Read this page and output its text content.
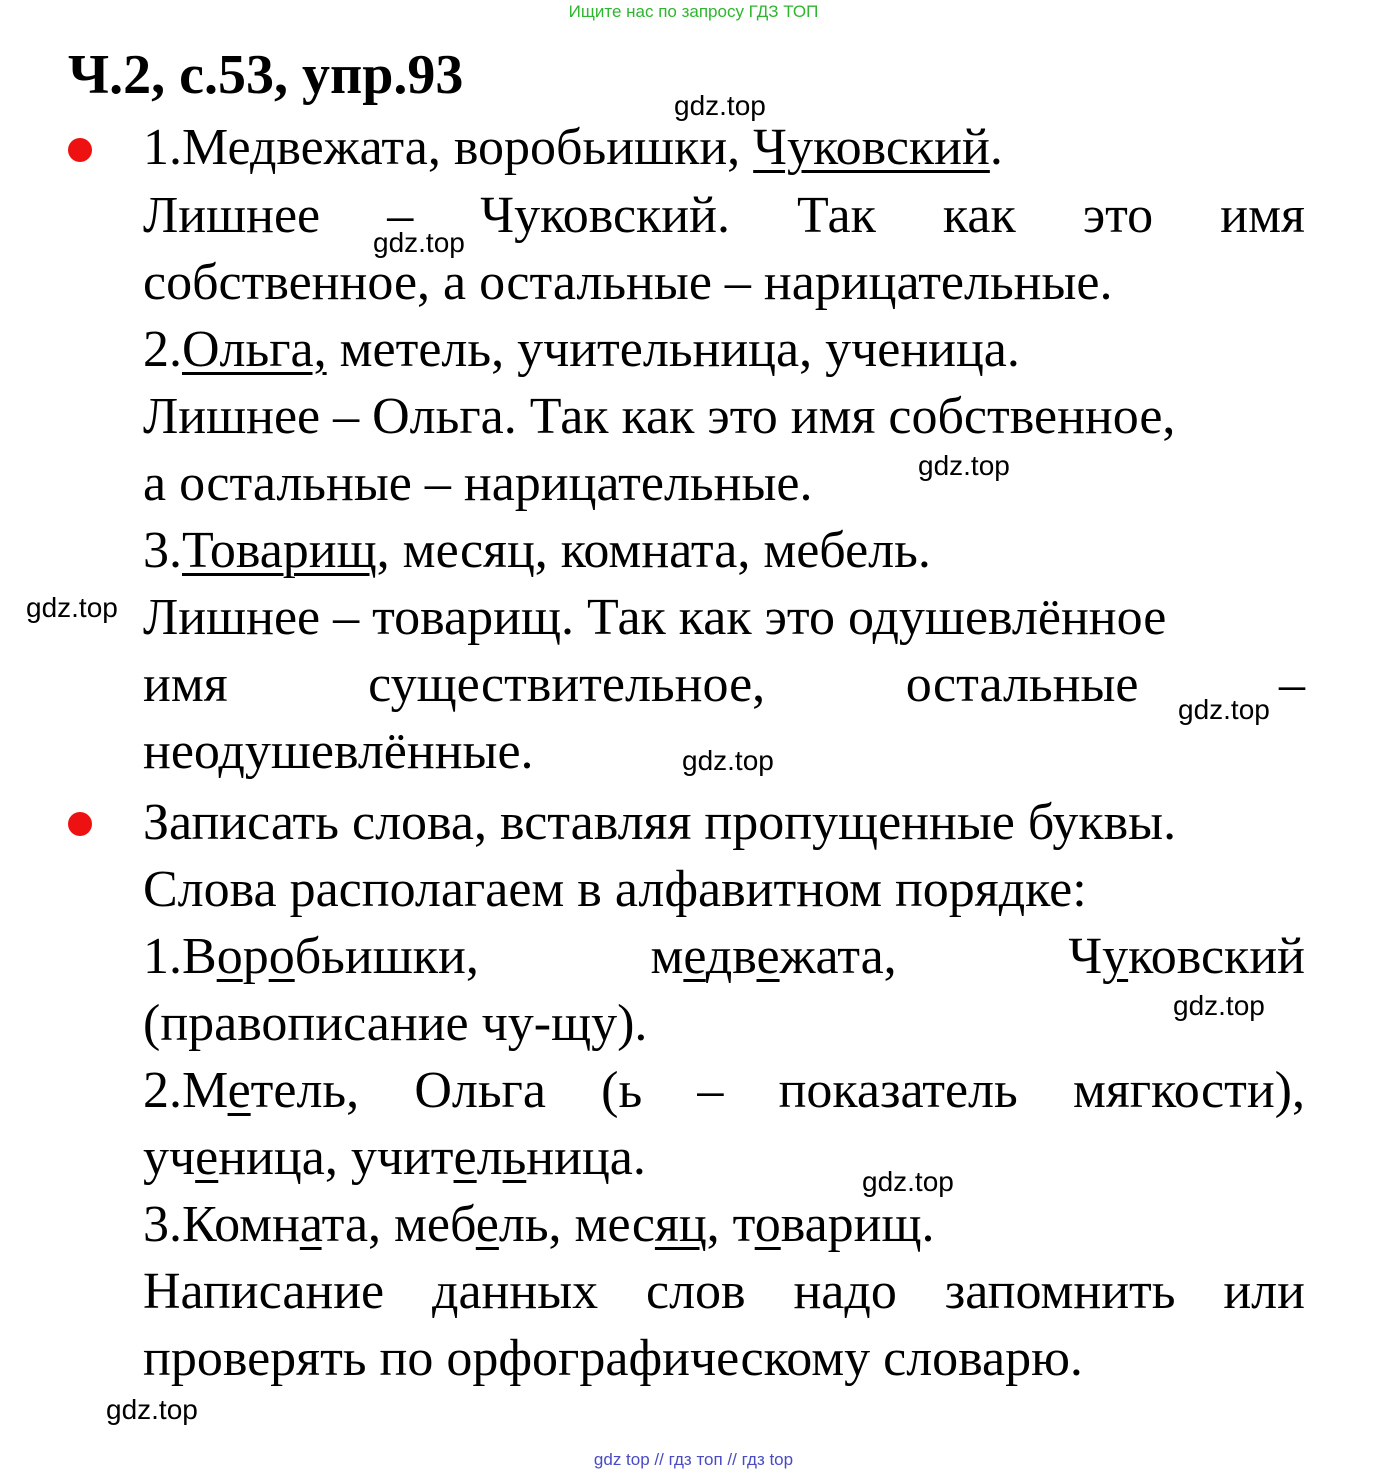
Ищите нас по запросу ГДЗ ТОП
Ч.2, с.53, упр.93
1.Медвежата, воробьишки, Чуковский.
Лишнее – Чуковский. Так как это имя
собственное, а остальные – нарицательные.
2.Ольга, метель, учительница, ученица.
Лишнее – Ольга. Так как это имя собственное,
а остальные – нарицательные.
3.Товарищ, месяц, комната, мебель.
Лишнее – товарищ. Так как это одушевлённое
имя	существительное,	остальные	–
неодушевлённые.
Записать слова, вставляя пропущенные буквы.
Слова располагаем в алфавитном порядке:
1.Воробьишки,	медвежата,	Чуковский
(правописание чу-щу).
2.Метель, Ольга (ь – показатель мягкости),
ученица, учительница.
3.Комната, мебель, месяц, товарищ.
Написание данных слов надо запомнить или
проверять по орфографическому словарю.
gdz.top
gdz.top
gdz.top
gdz.top
gdz.top
gdz.top
gdz.top
gdz.top
gdz.top
gdz top // гдз топ // гдз top
